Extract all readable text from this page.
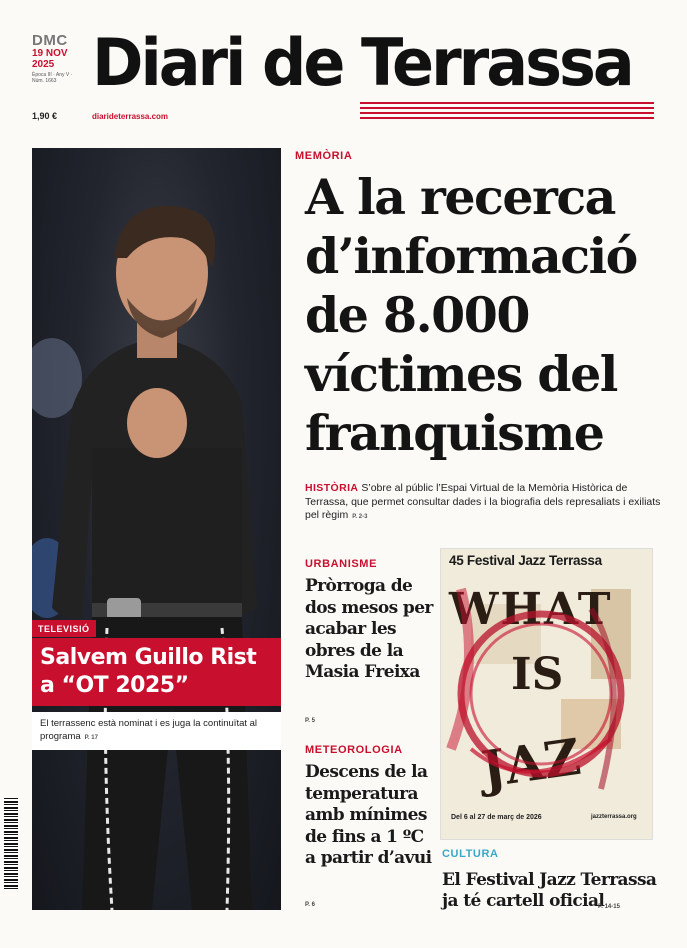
DMC
19 NOV 2025
Època III · Any V · Núm. 1663
1,90 €
Diari de Terrassa
diarideterrassa.com
TELEVISIÓ
Salvem Guillo Rist a “OT 2025”
El terrassenc està nominat i es juga la continuïtat al programa P. 17
MEMÒRIA
A la recerca d’informació de 8.000 víctimes del franquisme
HISTÒRIA S’obre al públic l’Espai Virtual de la Memòria Històrica de Terrassa, que permet consultar dades i la biografia dels represaliats i exiliats pel règim P. 2-3
URBANISME
Pròrroga de dos mesos per acabar les obres de la Masia Freixa
P. 5
METEOROLOGIA
Descens de la temperatura amb mínimes de fins a 1 ºC a partir d’avui
P. 6
45 Festival Jazz Terrassa
WHAT
IS
JAZ
Del 6 al 27 de març de 2026	jazzterrassa.org
CULTURA
El Festival Jazz Terrassa ja té cartell oficial
P. 14-15
